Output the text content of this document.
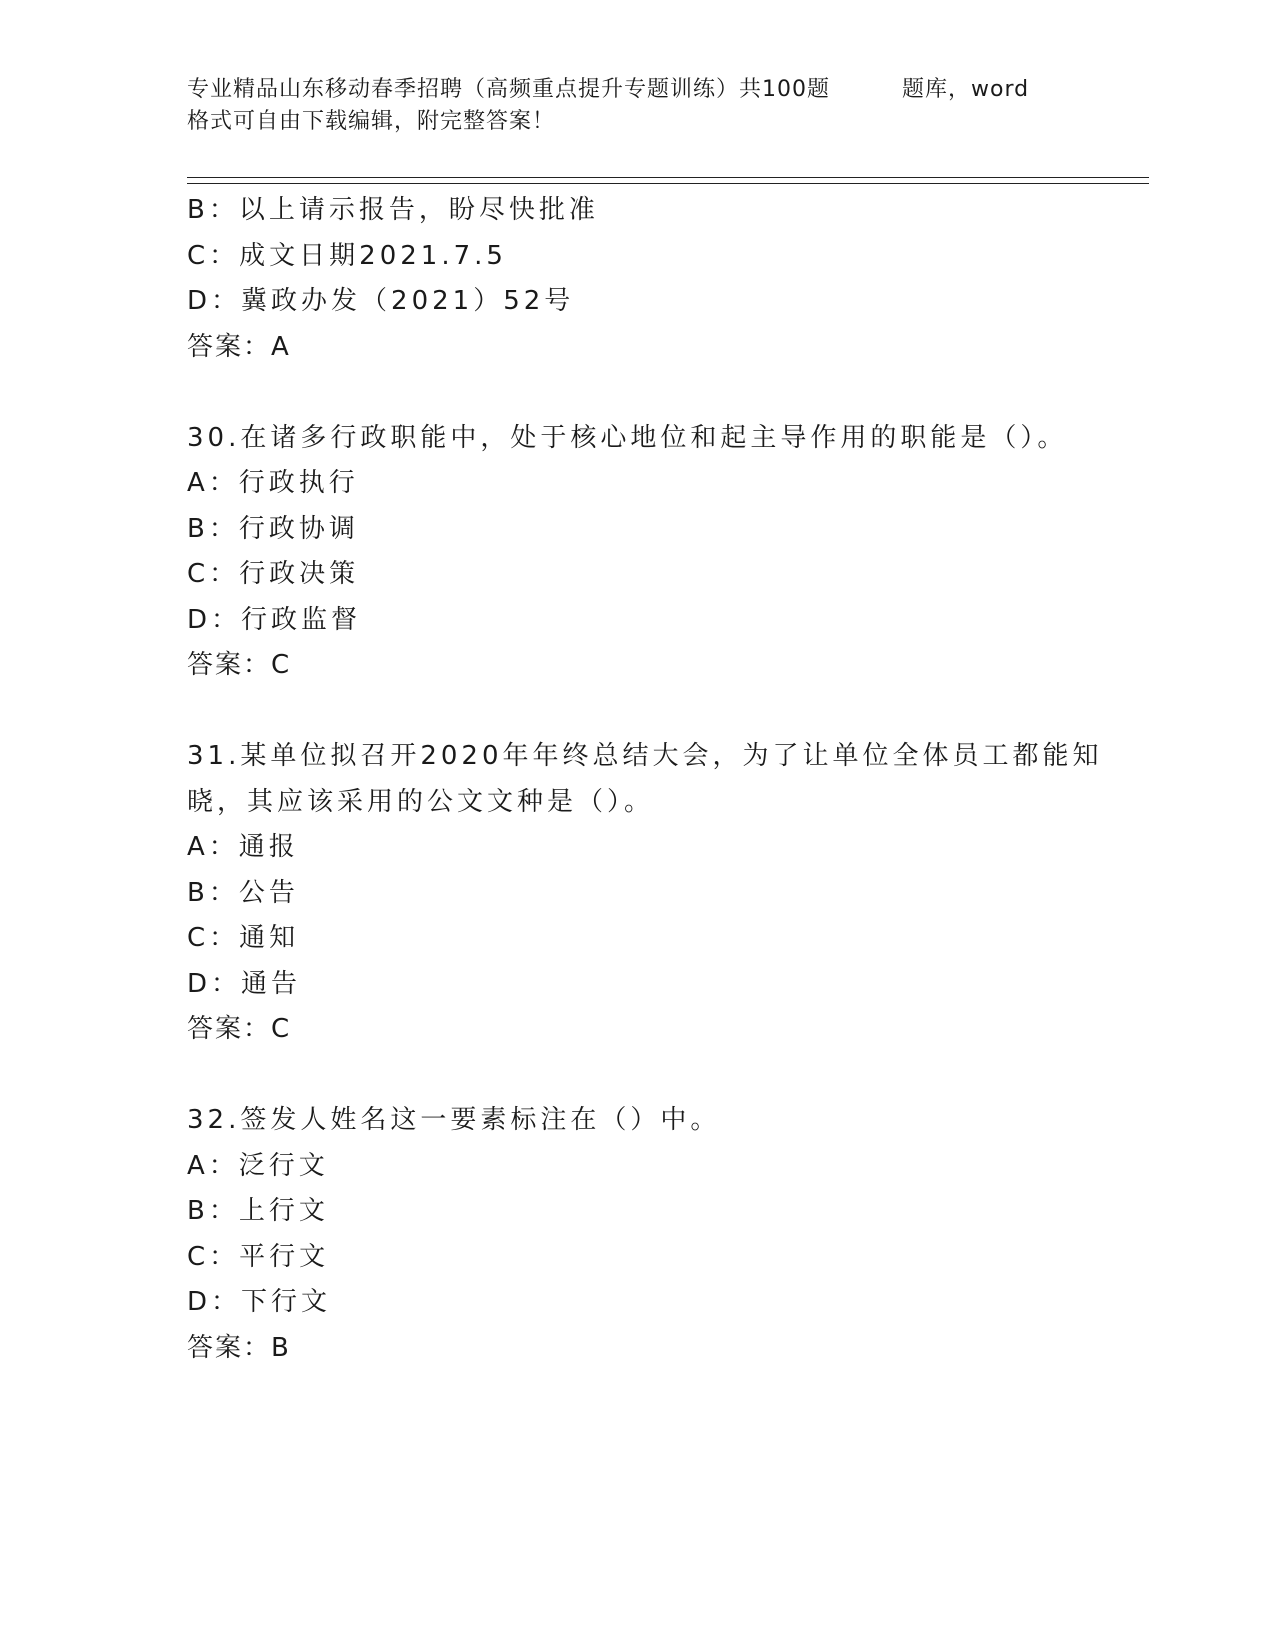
专业精品山东移动春季招聘（高频重点提升专题训练）共100题	题库，word
格式可自由下载编辑，附完整答案！
B：以上请示报告，盼尽快批准
C：成文日期2021.7.5
D：冀政办发（2021）52号
答案：A
30.在诸多行政职能中，处于核心地位和起主导作用的职能是（）。
A：行政执行
B：行政协调
C：行政决策
D：行政监督
答案：C
31.某单位拟召开2020年年终总结大会，为了让单位全体员工都能知
晓，其应该采用的公文文种是（）。
A：通报
B：公告
C：通知
D：通告
答案：C
32.签发人姓名这一要素标注在（）中。
A：泛行文
B：上行文
C：平行文
D：下行文
答案：B
